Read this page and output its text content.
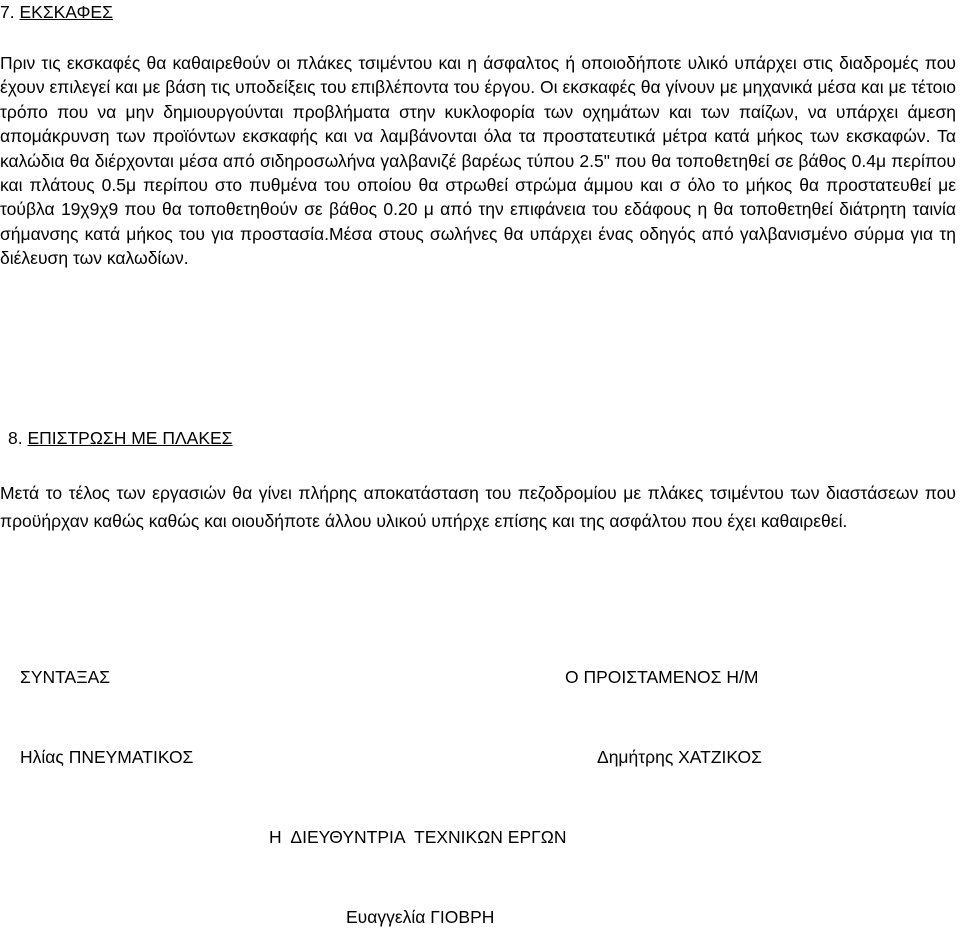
7. ΕΚΣΚΑΦΕΣ

Πριν τις εκσκαφές θα καθαιρεθούν οι πλάκες τσιμέντου και η άσφαλτος ή οποιοδήποτε υλικό υπάρχει στις διαδρομές που έχουν επιλεγεί και με βάση τις υποδείξεις του επιβλέποντα του έργου. Οι εκσκαφές θα γίνουν με μηχανικά μέσα και με τέτοιο τρόπο που να μην δημιουργούνται προβλήματα στην κυκλοφορία των οχημάτων και των παίζων, να υπάρχει άμεση απομάκρυνση των προϊόντων εκσκαφής και να λαμβάνονται όλα τα προστατευτικά μέτρα κατά μήκος των εκσκαφών. Τα καλώδια θα διέρχονται μέσα από σιδηροσωλήνα γαλβανιζέ βαρέως τύπου 2.5" που θα τοποθετηθεί σε βάθος 0.4μ περίπου και πλάτους 0.5μ περίπου στο πυθμένα του οποίου θα στρωθεί στρώμα άμμου και σ όλο το μήκος θα προστατευθεί με τούβλα 19χ9χ9 που θα τοποθετηθούν σε βάθος 0.20 μ από την επιφάνεια του εδάφους η θα τοποθετηθεί διάτρητη ταινία σήμανσης κατά μήκος του για προστασία.Μέσα στους σωλήνες θα υπάρχει ένας οδηγός από γαλβανισμένο σύρμα για τη διέλευση των καλωδίων.

8. ΕΠΙΣΤΡΩΣΗ ΜΕ ΠΛΑΚΕΣ

Μετά το τέλος των εργασιών θα γίνει πλήρης αποκατάσταση του πεζοδρομίου με πλάκες τσιμέντου των διαστάσεων που προϋήρχαν καθώς καθώς και οιουδήποτε άλλου υλικού υπήρχε επίσης και της ασφάλτου που έχει καθαιρεθεί.

ΣΥΝΤΑΞΑΣ	Ο ΠΡΟΙΣΤΑΜΕΝΟΣ Η/Μ
Ηλίας ΠΝΕΥΜΑΤΙΚΟΣ	Δημήτρης ΧΑΤΖΙΚΟΣ
Η  ΔΙΕΥΘΥΝΤΡΙΑ  ΤΕΧΝΙΚΩΝ ΕΡΓΩΝ
Ευαγγελία ΓΙΟΒΡΗ
